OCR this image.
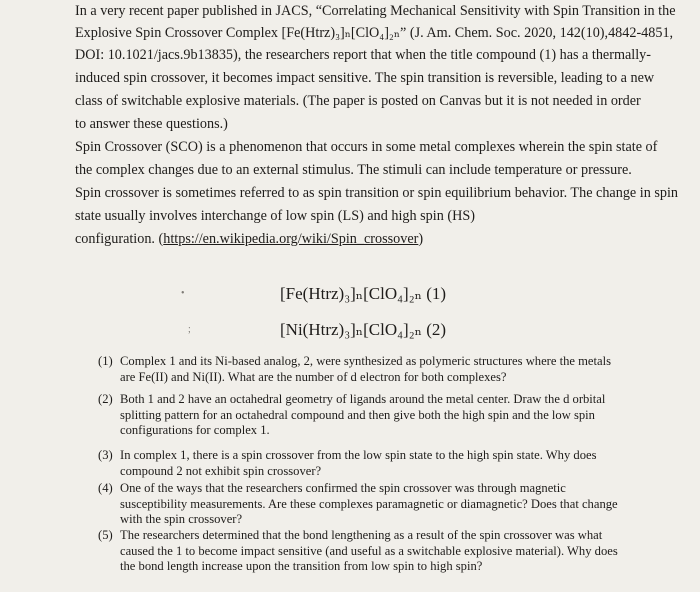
In a very recent paper published in JACS, “Correlating Mechanical Sensitivity with Spin Transition in the
Explosive Spin Crossover Complex [Fe(Htrz)₃]ₙ[ClO₄]₂ₙ” (J. Am. Chem. Soc. 2020, 142(10),4842-4851,
DOI: 10.1021/jacs.9b13835), the researchers report that when the title compound (1) has a thermally-
induced spin crossover, it becomes impact sensitive. The spin transition is reversible, leading to a new
class of switchable explosive materials. (The paper is posted on Canvas but it is not needed in order
to answer these questions.)
Spin Crossover (SCO) is a phenomenon that occurs in some metal complexes wherein the spin state of
the complex changes due to an external stimulus. The stimuli can include temperature or pressure.
Spin crossover is sometimes referred to as spin transition or spin equilibrium behavior. The change in spin
state usually involves interchange of low spin (LS) and high spin (HS)
configuration. (https://en.wikipedia.org/wiki/Spin_crossover)
•	[Fe(Htrz)₃]ₙ[ClO₄]₂ₙ (1)
;	[Ni(Htrz)₃]ₙ[ClO₄]₂ₙ (2)
(1) Complex 1 and its Ni-based analog, 2, were synthesized as polymeric structures where the metals
are Fe(II) and Ni(II). What are the number of d electron for both complexes?
(2) Both 1 and 2 have an octahedral geometry of ligands around the metal center. Draw the d orbital
splitting pattern for an octahedral compound and then give both the high spin and the low spin
configurations for complex 1.
(3) In complex 1, there is a spin crossover from the low spin state to the high spin state. Why does
compound 2 not exhibit spin crossover?
(4) One of the ways that the researchers confirmed the spin crossover was through magnetic
susceptibility measurements. Are these complexes paramagnetic or diamagnetic? Does that change
with the spin crossover?
(5) The researchers determined that the bond lengthening as a result of the spin crossover was what
caused the 1 to become impact sensitive (and useful as a switchable explosive material). Why does
the bond length increase upon the transition from low spin to high spin?
